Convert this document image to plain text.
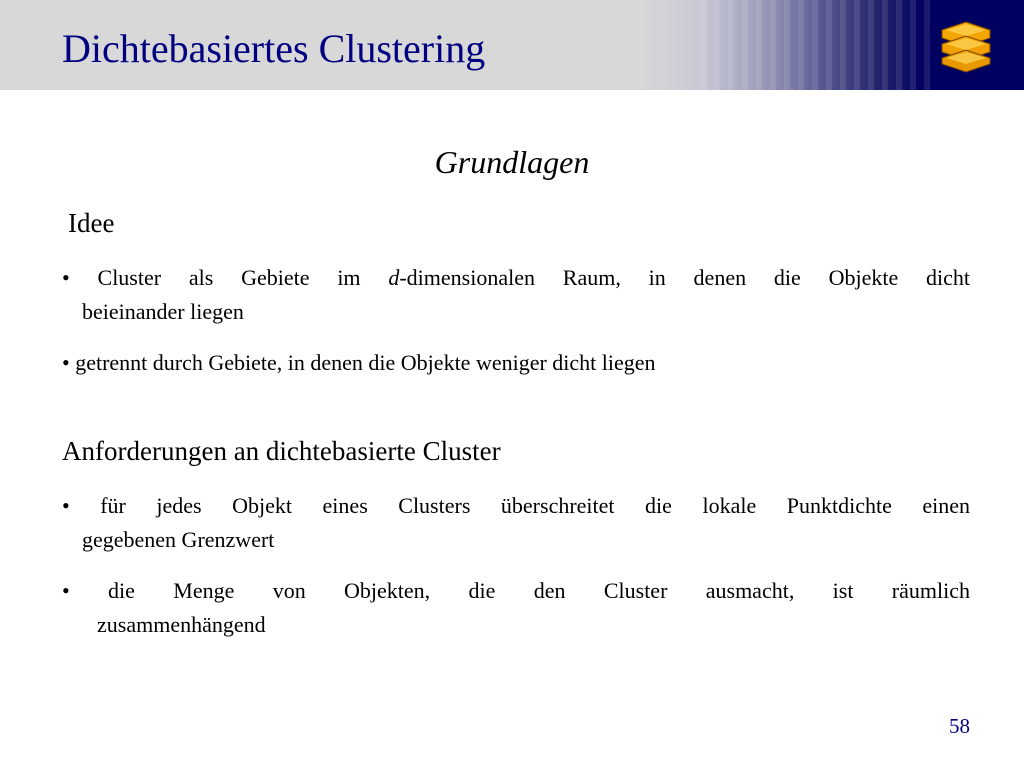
Dichtebasiertes Clustering
Grundlagen
Idee
• Cluster als Gebiete im d-dimensionalen Raum, in denen die Objekte dicht
beieinander liegen
• getrennt durch Gebiete, in denen die Objekte weniger dicht liegen
Anforderungen an dichtebasierte Cluster
• für jedes Objekt eines Clusters überschreitet die lokale Punktdichte einen
gegebenen Grenzwert
• die Menge von Objekten, die den Cluster ausmacht, ist räumlich
zusammenhängend
58
